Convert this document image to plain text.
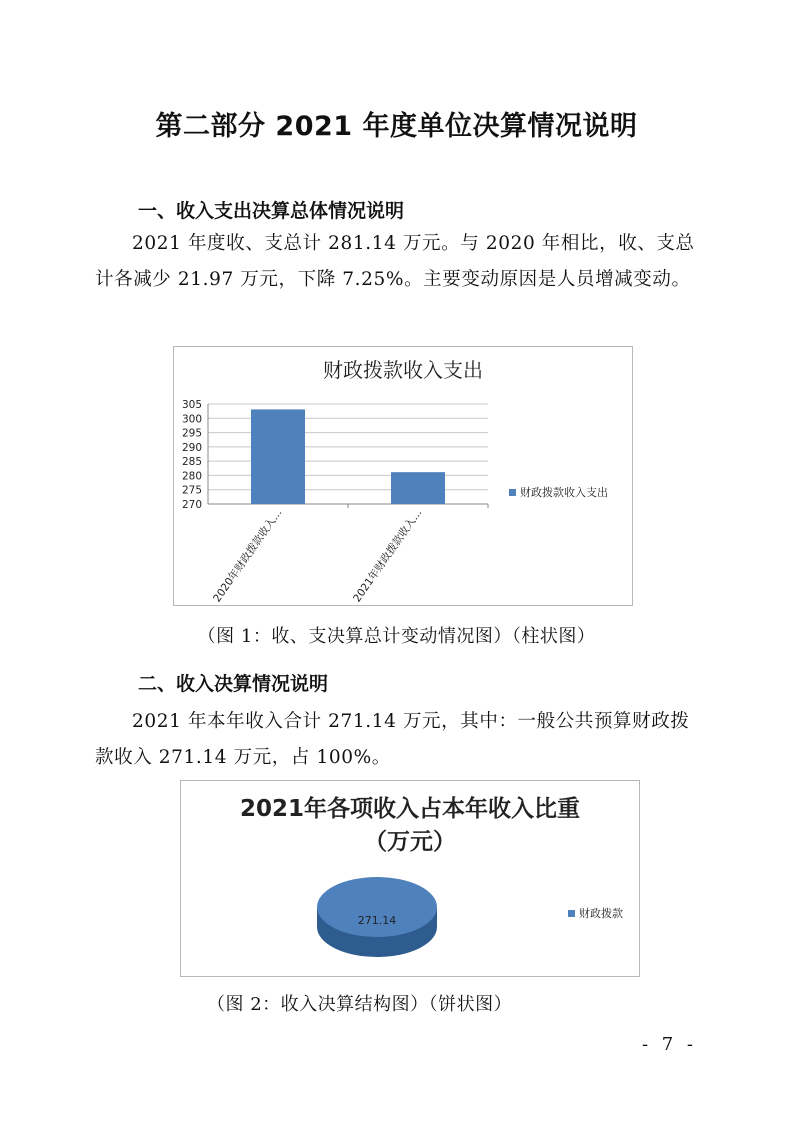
第二部分 2021 年度单位决算情况说明
一、收入支出决算总体情况说明
2021 年度收、支总计 281.14 万元。与 2020 年相比，收、支总计各减少 21.97 万元，下降 7.25%。主要变动原因是人员增减变动。
财政拨款收入支出
270
275
280
285
290
295
300
305
2020年财政拨款收入…	2021年财政拨款收入…
财政拨款收入支出
（图 1：收、支决算总计变动情况图）（柱状图）
二、收入决算情况说明
2021 年本年收入合计 271.14 万元，其中：一般公共预算财政拨款收入 271.14 万元，占 100%。
2021年各项收入占本年收入比重
（万元）
271.14
财政拨款
（图 2：收入决算结构图）（饼状图）
- 7 -
